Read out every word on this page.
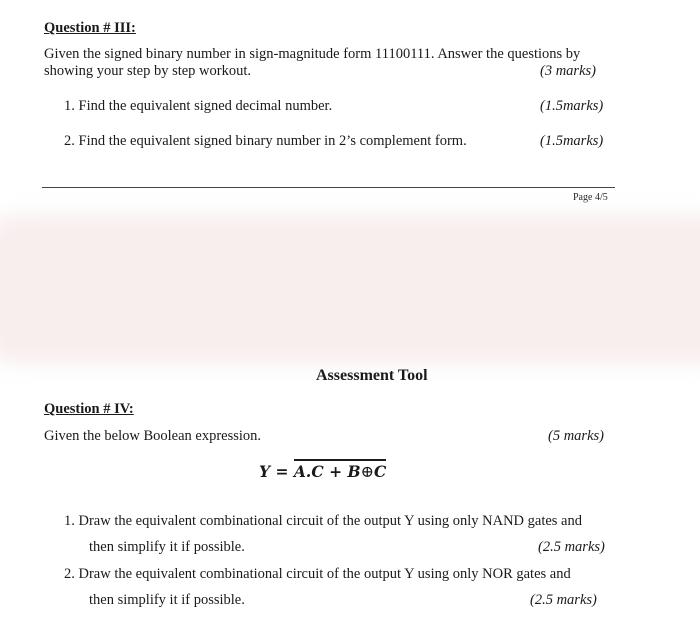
Question # III:
Given the signed binary number in sign-magnitude form 11100111. Answer the questions by
showing your step by step workout.	(3 marks)
1. Find the equivalent signed decimal number.	(1.5marks)
2. Find the equivalent signed binary number in 2’s complement form.	(1.5marks)
Page 4/5
Assessment Tool
Question # IV:
Given the below Boolean expression.	(5 marks)
Y = A.C + B⊕C
1. Draw the equivalent combinational circuit of the output Y using only NAND gates and
then simplify it if possible.	(2.5 marks)
2. Draw the equivalent combinational circuit of the output Y using only NOR gates and
then simplify it if possible.	(2.5 marks)
